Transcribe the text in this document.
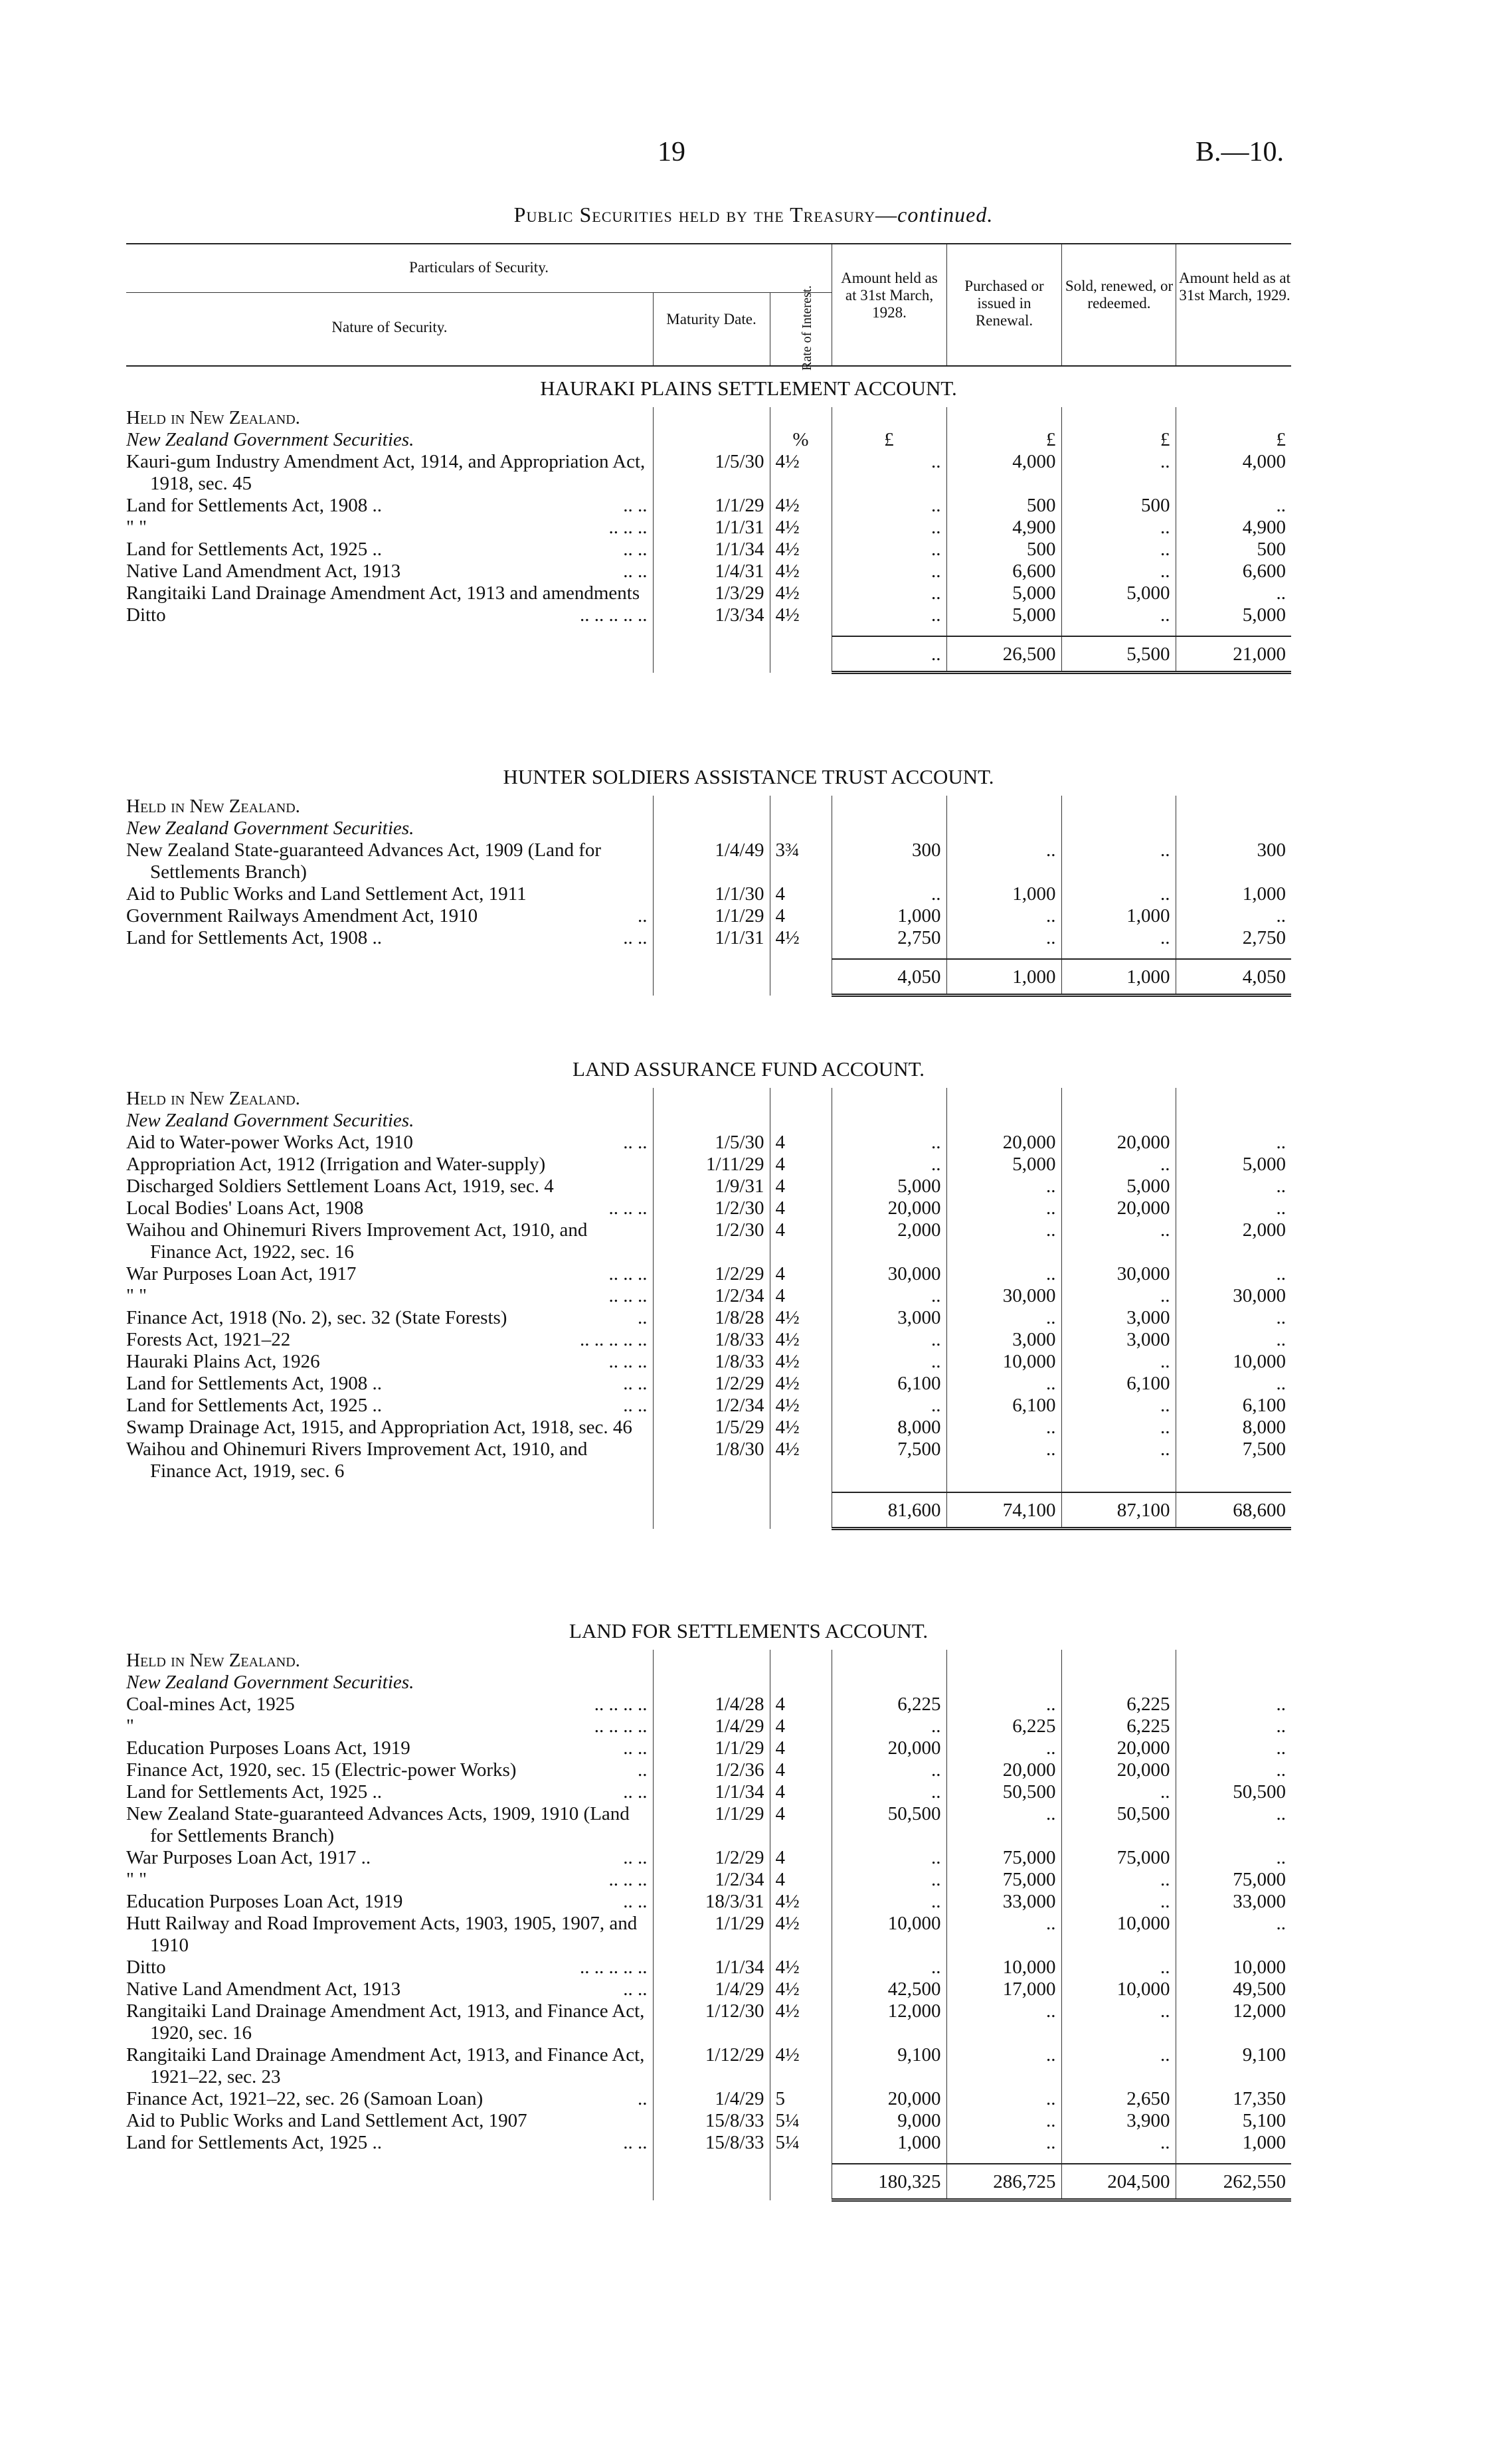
19	B.—10.
Public Securities held by the Treasury—continued.
Particulars of Security.
Nature of Security.	Maturity Date.	Rate of Interest.
Amount held as at 31st March, 1928.
Purchased or issued in Renewal.
Sold, renewed, or redeemed.
Amount held as at 31st March, 1929.
HAURAKI PLAINS SETTLEMENT ACCOUNT.
Held in New Zealand.						
New Zealand Government Securities.		%	£	£	£	£

Kauri-gum Industry Amendment Act, 1914, and Appropriation Act, 1918, sec. 45	1/5/30	4½	..	4,000	..	4,000

Land for Settlements Act, 1908 .. .. ..	1/1/29	4½	..	500	500	..

" " .. .. ..	1/1/31	4½	..	4,900	..	4,900

Land for Settlements Act, 1925 .. .. ..	1/1/34	4½	..	500	..	500

Native Land Amendment Act, 1913 .. ..	1/4/31	4½	..	6,600	..	6,600

Rangitaiki Land Drainage Amendment Act, 1913 and amendments	1/3/29	4½	..	5,000	5,000	..

Ditto .. .. .. .. ..	1/3/34	4½	..	5,000	..	5,000

			..	26,500	5,500	21,000
HUNTER SOLDIERS ASSISTANCE TRUST ACCOUNT.
Held in New Zealand.						
New Zealand Government Securities.						

New Zealand State-guaranteed Advances Act, 1909 (Land for Settlements Branch)	1/4/49	3¾	300	..	..	300

Aid to Public Works and Land Settlement Act, 1911	1/1/30	4	..	1,000	..	1,000

Government Railways Amendment Act, 1910 ..	1/1/29	4	1,000	..	1,000	..

Land for Settlements Act, 1908 .. .. ..	1/1/31	4½	2,750	..	..	2,750

			4,050	1,000	1,000	4,050
LAND ASSURANCE FUND ACCOUNT.
Held in New Zealand.						
New Zealand Government Securities.						

Aid to Water-power Works Act, 1910 .. ..	1/5/30	4	..	20,000	20,000	..

Appropriation Act, 1912 (Irrigation and Water-supply)	1/11/29	4	..	5,000	..	5,000

Discharged Soldiers Settlement Loans Act, 1919, sec. 4	1/9/31	4	5,000	..	5,000	..

Local Bodies' Loans Act, 1908 .. .. ..	1/2/30	4	20,000	..	20,000	..

Waihou and Ohinemuri Rivers Improvement Act, 1910, and Finance Act, 1922, sec. 16	1/2/30	4	2,000	..	..	2,000

War Purposes Loan Act, 1917 .. .. ..	1/2/29	4	30,000	..	30,000	..

" " .. .. ..	1/2/34	4	..	30,000	..	30,000

Finance Act, 1918 (No. 2), sec. 32 (State Forests) ..	1/8/28	4½	3,000	..	3,000	..

Forests Act, 1921–22 .. .. .. .. ..	1/8/33	4½	..	3,000	3,000	..

Hauraki Plains Act, 1926 .. .. ..	1/8/33	4½	..	10,000	..	10,000

Land for Settlements Act, 1908 .. .. ..	1/2/29	4½	6,100	..	6,100	..

Land for Settlements Act, 1925 .. .. ..	1/2/34	4½	..	6,100	..	6,100

Swamp Drainage Act, 1915, and Appropriation Act, 1918, sec. 46	1/5/29	4½	8,000	..	..	8,000

Waihou and Ohinemuri Rivers Improvement Act, 1910, and Finance Act, 1919, sec. 6	1/8/30	4½	7,500	..	..	7,500

			81,600	74,100	87,100	68,600
LAND FOR SETTLEMENTS ACCOUNT.
Held in New Zealand.						
New Zealand Government Securities.						

Coal-mines Act, 1925 .. .. .. ..	1/4/28	4	6,225	..	6,225	..

" .. .. .. ..	1/4/29	4	..	6,225	6,225	..

Education Purposes Loans Act, 1919 .. ..	1/1/29	4	20,000	..	20,000	..

Finance Act, 1920, sec. 15 (Electric-power Works) ..	1/2/36	4	..	20,000	20,000	..

Land for Settlements Act, 1925 .. .. ..	1/1/34	4	..	50,500	..	50,500

New Zealand State-guaranteed Advances Acts, 1909, 1910 (Land for Settlements Branch)	1/1/29	4	50,500	..	50,500	..

War Purposes Loan Act, 1917 .. .. ..	1/2/29	4	..	75,000	75,000	..

" " .. .. ..	1/2/34	4	..	75,000	..	75,000

Education Purposes Loan Act, 1919 .. ..	18/3/31	4½	..	33,000	..	33,000

Hutt Railway and Road Improvement Acts, 1903, 1905, 1907, and 1910	1/1/29	4½	10,000	..	10,000	..

Ditto .. .. .. .. ..	1/1/34	4½	..	10,000	..	10,000

Native Land Amendment Act, 1913 .. ..	1/4/29	4½	42,500	17,000	10,000	49,500

Rangitaiki Land Drainage Amendment Act, 1913, and Finance Act, 1920, sec. 16	1/12/30	4½	12,000	..	..	12,000

Rangitaiki Land Drainage Amendment Act, 1913, and Finance Act, 1921–22, sec. 23	1/12/29	4½	9,100	..	..	9,100

Finance Act, 1921–22, sec. 26 (Samoan Loan) ..	1/4/29	5	20,000	..	2,650	17,350

Aid to Public Works and Land Settlement Act, 1907	15/8/33	5¼	9,000	..	3,900	5,100

Land for Settlements Act, 1925 .. .. ..	15/8/33	5¼	1,000	..	..	1,000

			180,325	286,725	204,500	262,550
